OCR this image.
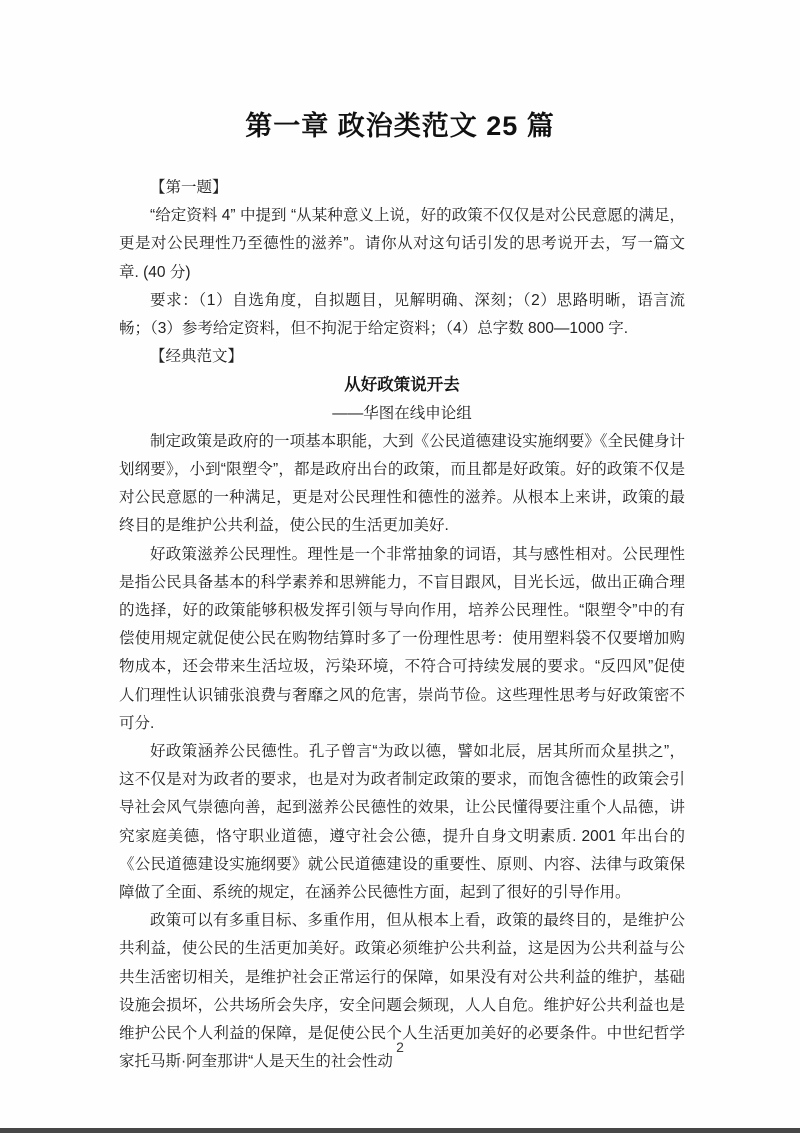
第一章 政治类范文 25 篇

【第一题】

“给定资料 4” 中提到 “从某种意义上说，好的政策不仅仅是对公民意愿的满足，更是对公民理性乃至德性的滋养”。请你从对这句话引发的思考说开去，写一篇文章. (40 分)

要求：（1）自选角度，自拟题目，见解明确、深刻；（2）思路明晰，语言流畅；（3）参考给定资料，但不拘泥于给定资料；（4）总字数 800—1000 字.

【经典范文】

从好政策说开去

——华图在线申论组

制定政策是政府的一项基本职能，大到《公民道德建设实施纲要》《全民健身计划纲要》，小到“限塑令”，都是政府出台的政策，而且都是好政策。好的政策不仅是对公民意愿的一种满足，更是对公民理性和德性的滋养。从根本上来讲，政策的最终目的是维护公共利益，使公民的生活更加美好.

好政策滋养公民理性。理性是一个非常抽象的词语，其与感性相对。公民理性是指公民具备基本的科学素养和思辨能力，不盲目跟风，目光长远，做出正确合理的选择，好的政策能够积极发挥引领与导向作用，培养公民理性。“限塑令”中的有偿使用规定就促使公民在购物结算时多了一份理性思考：使用塑料袋不仅要增加购物成本，还会带来生活垃圾，污染环境，不符合可持续发展的要求。“反四风”促使人们理性认识铺张浪费与奢靡之风的危害，崇尚节俭。这些理性思考与好政策密不可分.

好政策涵养公民德性。孔子曾言“为政以德，譬如北辰，居其所而众星拱之”，这不仅是对为政者的要求，也是对为政者制定政策的要求，而饱含德性的政策会引导社会风气崇德向善，起到滋养公民德性的效果，让公民懂得要注重个人品德，讲究家庭美德，恪守职业道德，遵守社会公德，提升自身文明素质. 2001 年出台的《公民道德建设实施纲要》就公民道德建设的重要性、原则、内容、法律与政策保障做了全面、系统的规定，在涵养公民德性方面，起到了很好的引导作用。

政策可以有多重目标、多重作用，但从根本上看，政策的最终目的，是维护公共利益，使公民的生活更加美好。政策必须维护公共利益，这是因为公共利益与公共生活密切相关，是维护社会正常运行的保障，如果没有对公共利益的维护，基础设施会损坏，公共场所会失序，安全问题会频现，人人自危。维护好公共利益也是维护公民个人利益的保障，是促使公民个人生活更加美好的必要条件。中世纪哲学家托马斯·阿奎那讲“人是天生的社会性动

2
